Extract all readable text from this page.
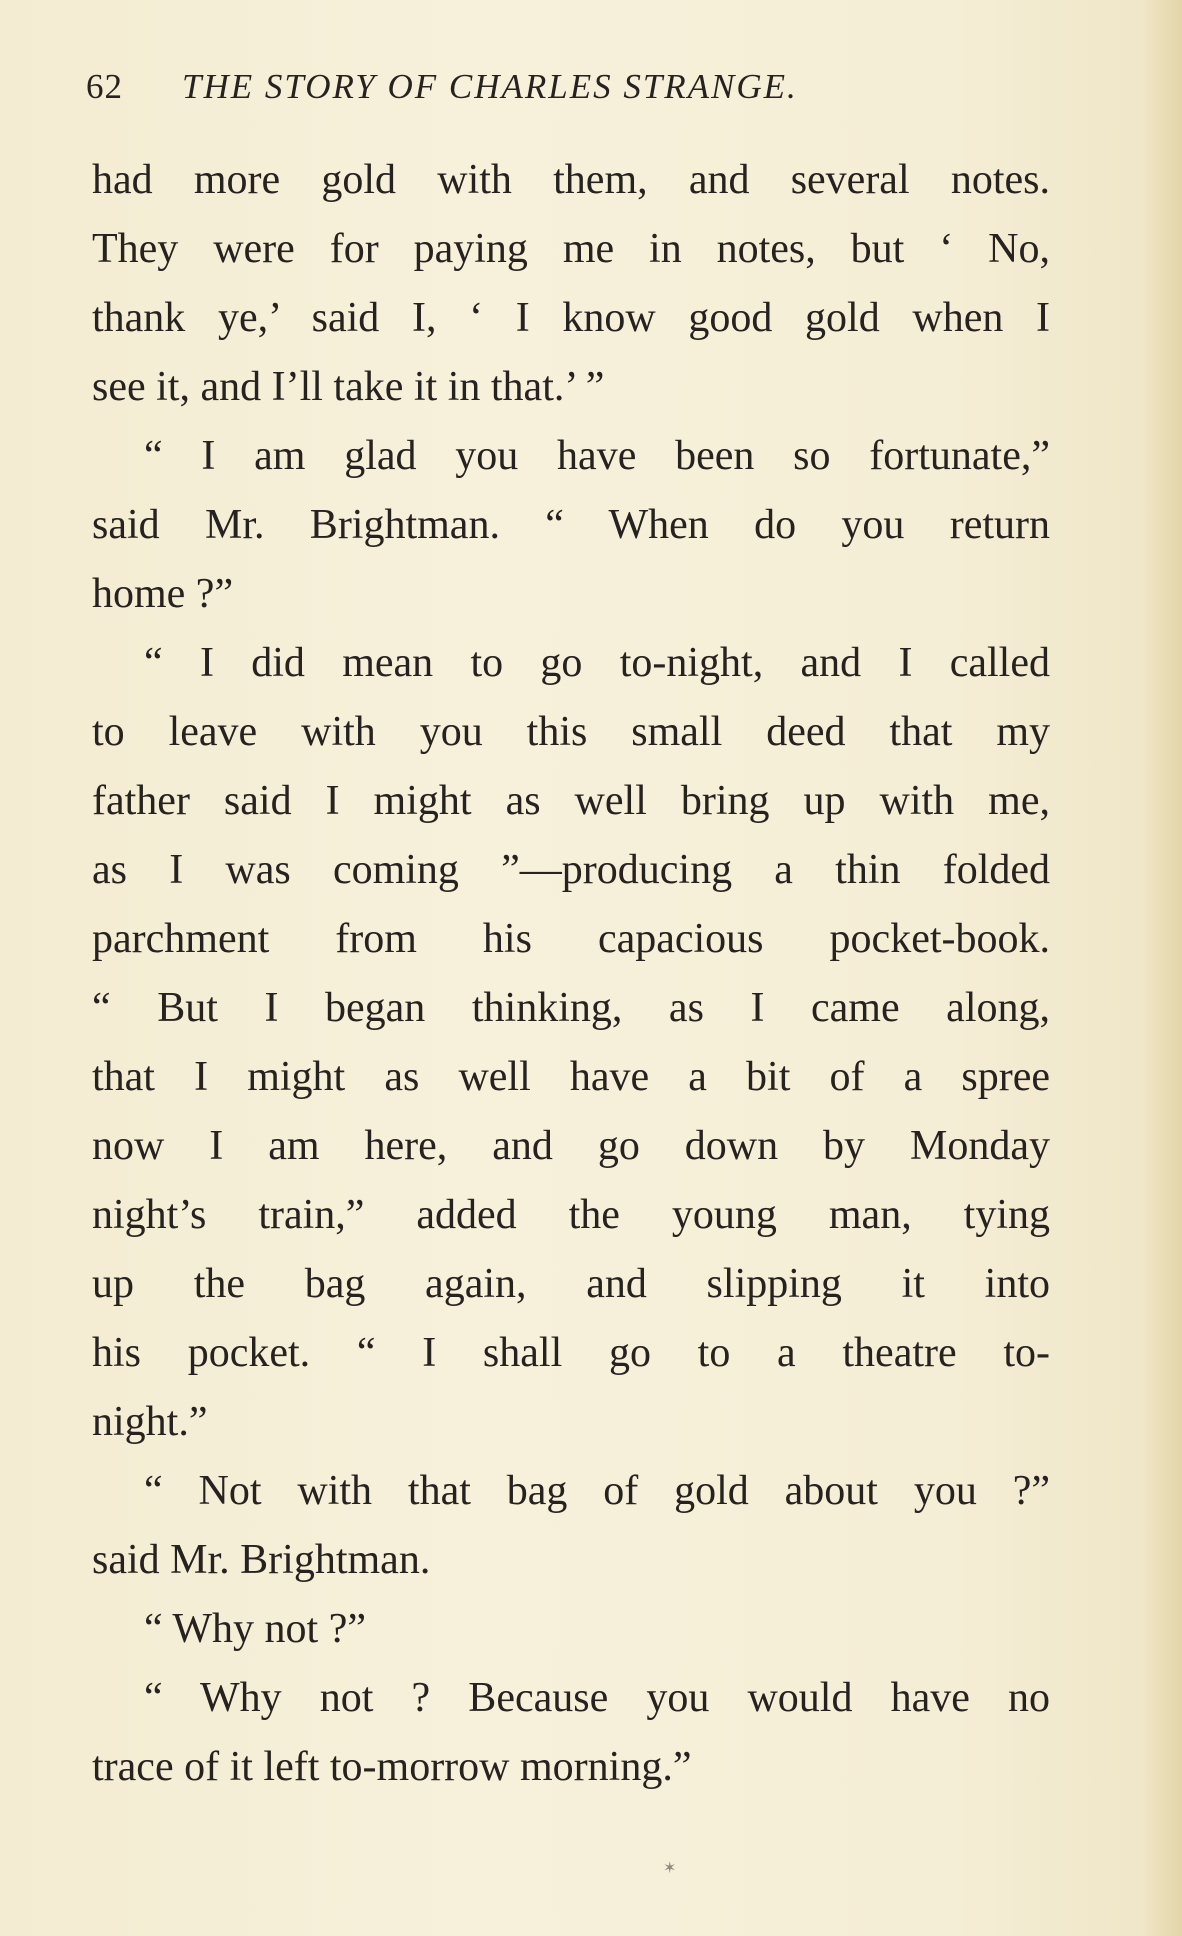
62 THE STORY OF CHARLES STRANGE.
had more gold with them, and several notes.
They were for paying me in notes, but ‘ No,
thank ye,’ said I, ‘ I know good gold when I
see it, and I’ll take it in that.’ ”
“ I am glad you have been so fortunate,”
said Mr. Brightman. “ When do you return
home ?”
“ I did mean to go to-night, and I called
to leave with you this small deed that my
father said I might as well bring up with me,
as I was coming ”—producing a thin folded
parchment from his capacious pocket-book.
“ But I began thinking, as I came along,
that I might as well have a bit of a spree
now I am here, and go down by Monday
night’s train,” added the young man, tying
up the bag again, and slipping it into
his pocket. “ I shall go to a theatre to-
night.”
“ Not with that bag of gold about you ?”
said Mr. Brightman.
“ Why not ?”
“ Why not ? Because you would have no
trace of it left to-morrow morning.”
✶
